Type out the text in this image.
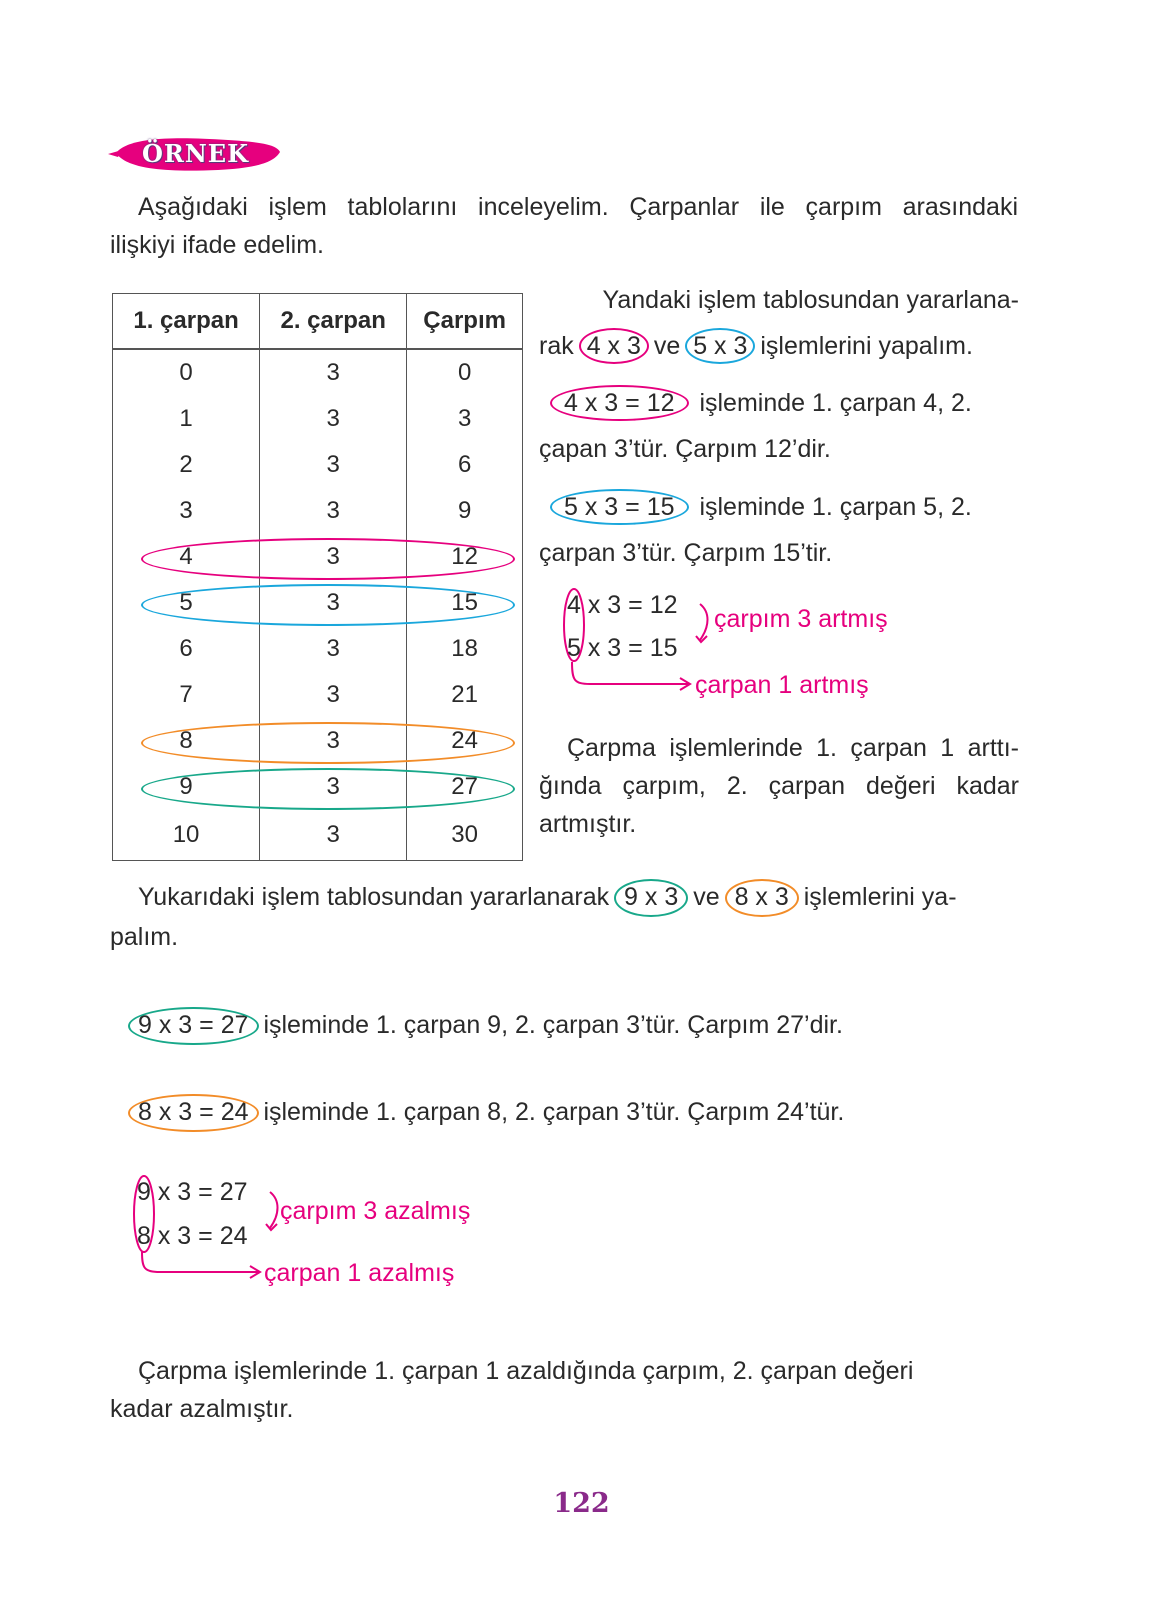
ÖRNEK
Aşağıdaki işlem tablolarını inceleyelim. Çarpanlar ile çarpım arasındaki
ilişkiyi ifade edelim.
1. çarpan	2. çarpan	Çarpım
0	3	0
1	3	3
2	3	6
3	3	9
4	3	12
5	3	15
6	3	18
7	3	21
8	3	24
9	3	27
10	3	30
Yandaki işlem tablosundan yararlana-
rak 4 x 3 ve 5 x 3 işlemlerini yapalım.
4 x 3 = 12 işleminde 1. çarpan 4, 2.
çapan 3’tür. Çarpım 12’dir.
5 x 3 = 15 işleminde 1. çarpan 5, 2.
çarpan 3’tür. Çarpım 15’tir.
4 x 3 = 12
5 x 3 = 15
çarpım 3 artmış
çarpan 1 artmış
Çarpma işlemlerinde 1. çarpan 1 arttı-
ğında çarpım, 2. çarpan değeri kadar
artmıştır.
Yukarıdaki işlem tablosundan yararlanarak 9 x 3 ve 8 x 3 işlemlerini ya-
palım.
9 x 3 = 27 işleminde 1. çarpan 9, 2. çarpan 3’tür. Çarpım 27’dir.
8 x 3 = 24 işleminde 1. çarpan 8, 2. çarpan 3’tür. Çarpım 24’tür.
9 x 3 = 27
8 x 3 = 24
çarpım 3 azalmış
çarpan 1 azalmış
Çarpma işlemlerinde 1. çarpan 1 azaldığında çarpım, 2. çarpan değeri
kadar azalmıştır.
122
